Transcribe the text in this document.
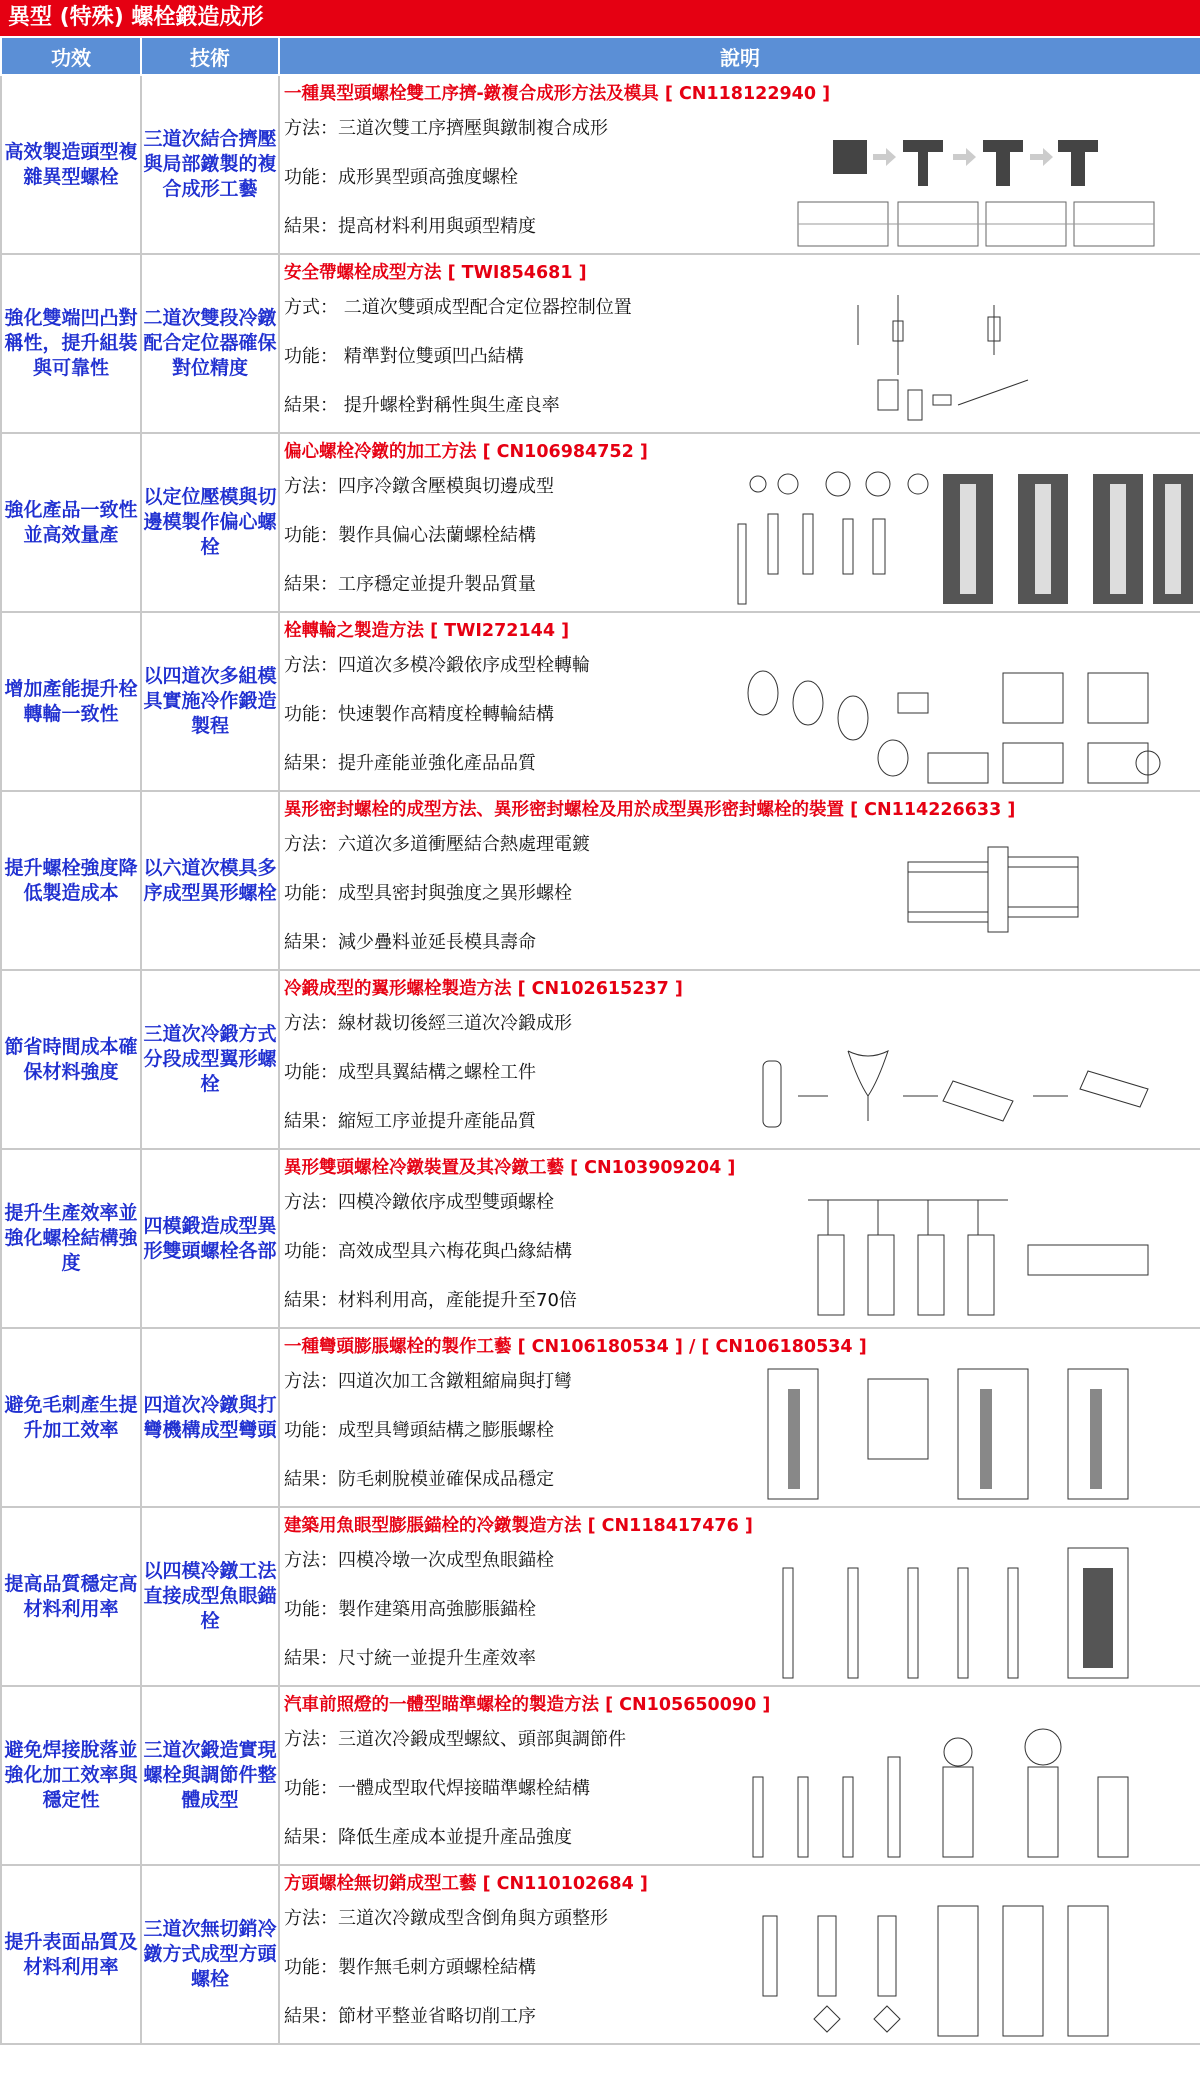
異型 (特殊) 螺栓鍛造成形
功效	技術	說明
高效製造頭型複雜異型螺栓	三道次結合擠壓與局部鐓製的複合成形工藝	一種異型頭螺栓雙工序擠-鐓複合成形方法及模具 [ CN118122940 ]
方法：三道次雙工序擠壓與鐓制複合成形
功能：成形異型頭高強度螺栓
結果：提高材料利用與頭型精度

強化雙端凹凸對稱性，提升組裝與可靠性	二道次雙段冷鐓配合定位器確保對位精度	安全帶螺栓成型方法 [ TWI854681 ]
方式： 二道次雙頭成型配合定位器控制位置
功能： 精準對位雙頭凹凸結構
結果： 提升螺栓對稱性與生產良率

強化產品一致性並高效量產	以定位壓模與切邊模製作偏心螺栓	偏心螺栓冷鐓的加工方法 [ CN106984752 ]
方法：四序冷鐓含壓模與切邊成型
功能：製作具偏心法蘭螺栓結構
結果：工序穩定並提升製品質量

增加產能提升栓轉輪一致性	以四道次多組模具實施冷作鍛造製程	栓轉輪之製造方法 [ TWI272144 ]
方法：四道次多模冷鍛依序成型栓轉輪
功能：快速製作高精度栓轉輪結構
結果：提升產能並強化產品品質

提升螺栓強度降低製造成本	以六道次模具多序成型異形螺栓	異形密封螺栓的成型方法、異形密封螺栓及用於成型異形密封螺栓的裝置 [ CN114226633 ]
方法：六道次多道衝壓結合熱處理電鍍
功能：成型具密封與強度之異形螺栓
結果：減少疊料並延長模具壽命

節省時間成本確保材料強度	三道次冷鍛方式分段成型翼形螺栓	冷鍛成型的翼形螺栓製造方法 [ CN102615237 ]
方法：線材裁切後經三道次冷鍛成形
功能：成型具翼結構之螺栓工件
結果：縮短工序並提升產能品質

提升生產效率並強化螺栓結構強度	四模鍛造成型異形雙頭螺栓各部	異形雙頭螺栓冷鐓裝置及其冷鐓工藝 [ CN103909204 ]
方法：四模冷鐓依序成型雙頭螺栓
功能：高效成型具六梅花與凸緣結構
結果：材料利用高，產能提升至70倍

避免毛刺產生提升加工效率	四道次冷鐓與打彎機構成型彎頭	一種彎頭膨脹螺栓的製作工藝 [ CN106180534 ] / [ CN106180534 ]
方法：四道次加工含鐓粗縮扁與打彎
功能：成型具彎頭結構之膨脹螺栓
結果：防毛刺脫模並確保成品穩定

提高品質穩定高材料利用率	以四模冷鐓工法直接成型魚眼錨栓	建築用魚眼型膨脹錨栓的冷鐓製造方法 [ CN118417476 ]
方法：四模冷墩一次成型魚眼錨栓
功能：製作建築用高強膨脹錨栓
結果：尺寸統一並提升生產效率

避免焊接脫落並強化加工效率與穩定性	三道次鍛造實現螺栓與調節件整體成型	汽車前照燈的一體型瞄準螺栓的製造方法 [ CN105650090 ]
方法：三道次冷鍛成型螺紋、頭部與調節件
功能：一體成型取代焊接瞄準螺栓結構
結果：降低生產成本並提升產品強度

提升表面品質及材料利用率	三道次無切銷冷鐓方式成型方頭螺栓	方頭螺栓無切銷成型工藝 [ CN110102684 ]
方法：三道次冷鐓成型含倒角與方頭整形
功能：製作無毛刺方頭螺栓結構
結果：節材平整並省略切削工序
